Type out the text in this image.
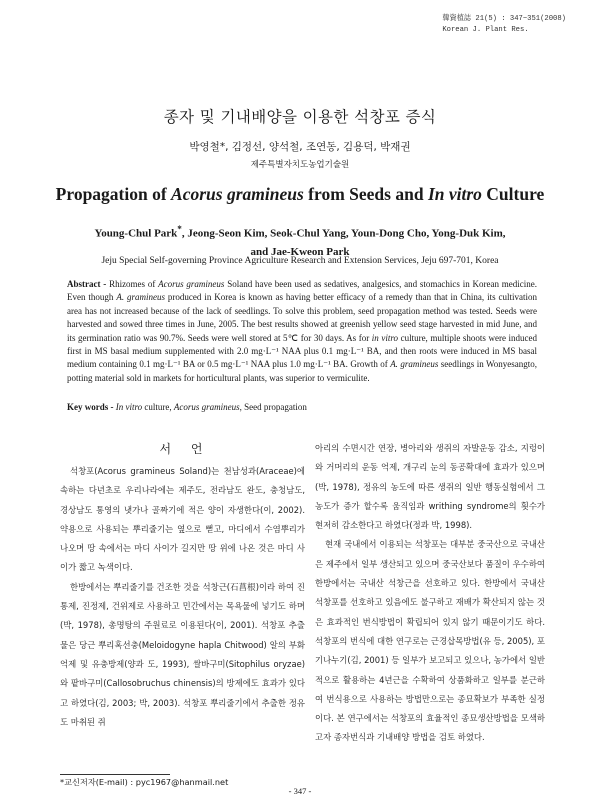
韓資植誌 21(5) : 347~351(2008)
Korean J. Plant Res.
종자 및 기내배양을 이용한 석창포 증식
박영철*, 김정선, 양석철, 조연동, 김용덕, 박재권
제주특별자치도농업기술원
Propagation of Acorus gramineus from Seeds and In vitro Culture
Young-Chul Park*, Jeong-Seon Kim, Seok-Chul Yang, Youn-Dong Cho, Yong-Duk Kim,
and Jae-Kweon Park
Jeju Special Self-governing Province Agriculture Research and Extension Services, Jeju 697-701, Korea
Abstract - Rhizomes of Acorus gramineus Soland have been used as sedatives, analgesics, and stomachics in Korean medicine. Even though A. gramineus produced in Korea is known as having better efficacy of a remedy than that in China, its cultivation area has not increased because of the lack of seedlings. To solve this problem, seed propagation method was tested. Seeds were harvested and sowed three times in June, 2005. The best results showed at greenish yellow seed stage harvested in mid June, and its germination ratio was 90.7%. Seeds were well stored at 5℃ for 30 days. As for in vitro culture, multiple shoots were induced first in MS basal medium supplemented with 2.0 mg·L⁻¹ NAA plus 0.1 mg·L⁻¹ BA, and then roots were induced in MS basal medium containing 0.1 mg·L⁻¹ BA or 0.5 mg·L⁻¹ NAA plus 1.0 mg·L⁻¹ BA. Growth of A. gramineus seedlings in Wonyesangto, potting material sold in markets for horticultural plants, was superior to vermiculite.
Key words - In vitro culture, Acorus gramineus, Seed propagation
서 언

석창포(Acorus gramineus Soland)는 천남성과(Araceae)에 속하는 다년초로 우리나라에는 제주도, 전라남도 완도, 충청남도, 경상남도 통영의 냇가나 골짜기에 적은 양이 자생한다(이, 2002). 약용으로 사용되는 뿌리줄기는 옆으로 뻗고, 마디에서 수염뿌리가 나오며 땅 속에서는 마디 사이가 길지만 땅 위에 나온 것은 마디 사이가 짧고 녹색이다.

한방에서는 뿌리줄기를 건조한 것을 석창근(石菖根)이라 하여 진통제, 진정제, 건위제로 사용하고 민간에서는 목욕물에 넣기도 하며(박, 1978), 총명탕의 주원료로 이용된다(이, 2001). 석창포 추출물은 당근 뿌리혹선충(Meloidogyne hapla Chitwood) 알의 부화억제 및 유충방제(양과 도, 1993), 쌀바구미(Sitophilus oryzae)와 팥바구미(Callosobruchus chinensis)의 방제에도 효과가 있다고 하였다(김, 2003; 박, 2003). 석창포 뿌리줄기에서 추출한 정유도 마취된 쥐

아리의 수면시간 연장, 병아리와 생쥐의 자발운동 감소, 지렁이와 거머리의 운동 억제, 개구리 눈의 동공확대에 효과가 있으며(박, 1978), 정유의 농도에 따른 생쥐의 일반 행동실험에서 그 농도가 증가 할수록 움직임과 writhing syndrome의 횟수가 현저히 감소한다고 하였다(정과 박, 1998).

현재 국내에서 이용되는 석창포는 대부분 중국산으로 국내산은 제주에서 일부 생산되고 있으며 중국산보다 품질이 우수하여 한방에서는 국내산 석창근을 선호하고 있다. 한방에서 국내산 석창포를 선호하고 있음에도 불구하고 재배가 확산되지 않는 것은 효과적인 번식방법이 확립되어 있지 않기 때문이기도 하다. 석창포의 번식에 대한 연구로는 근경삽목방법(유 등, 2005), 포기나누기(김, 2001) 등 일부가 보고되고 있으나, 농가에서 일반적으로 활용하는 4년근을 수확하여 상품화하고 일부를 분근하여 번식용으로 사용하는 방법만으로는 종묘확보가 부족한 실정이다. 본 연구에서는 석창포의 효율적인 종묘생산방법을 모색하고자 종자번식과 기내배양 방법을 검토 하였다.

*교신저자(E-mail) : pyc1967@hanmail.net
- 347 -
